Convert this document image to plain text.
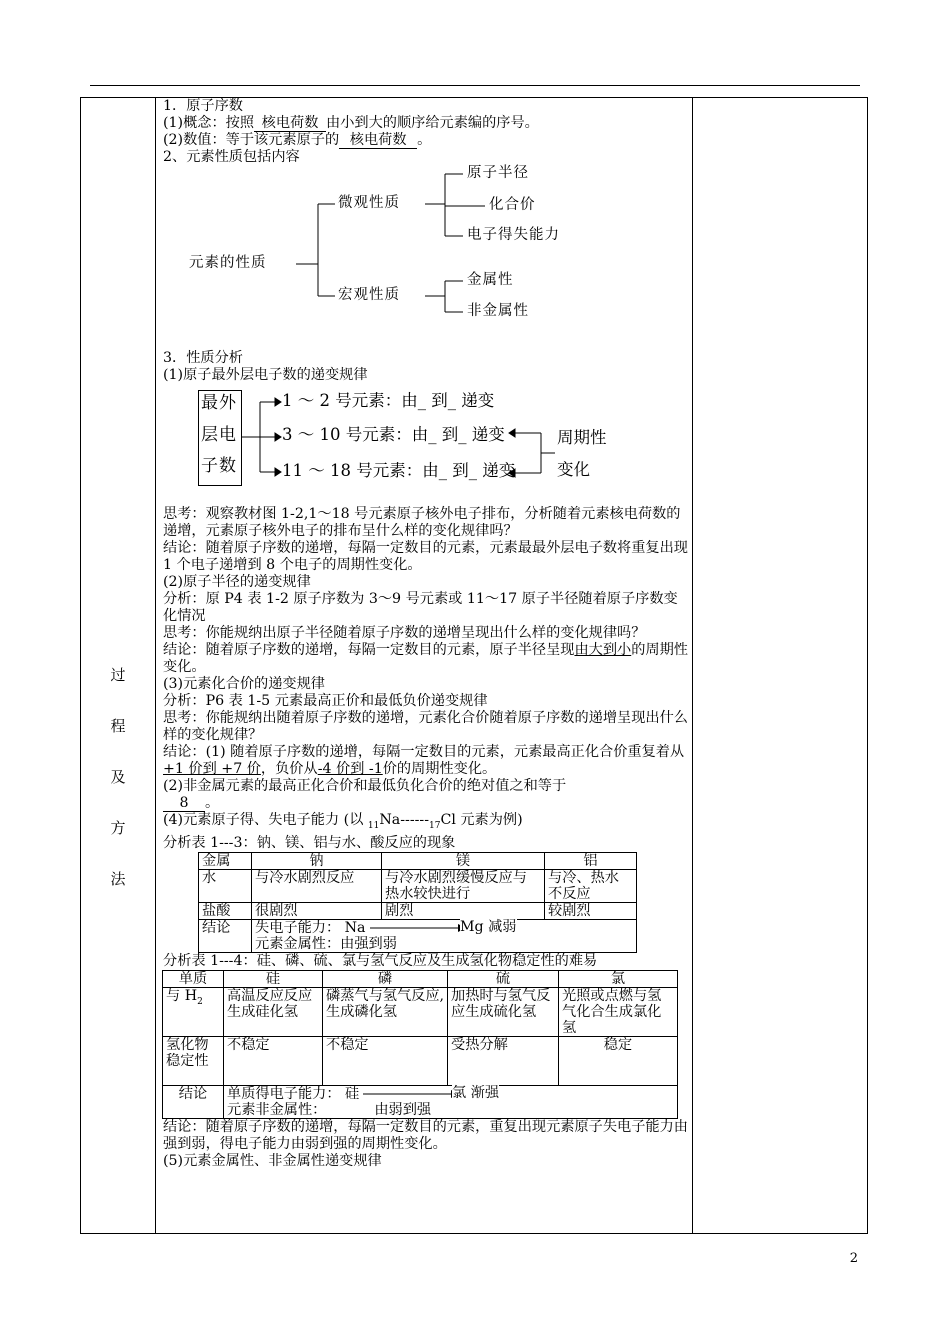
过
程
及
方
法

1．原子序数

(1)概念：按照 核电荷数 由小到大的顺序给元素编的序号。

(2)数值：等于该元素原子的 核电荷数 。

2、元素性质包括内容

元素的性质
微观性质
宏观性质
原子半径
化合价
电子得失能力
金属性
非金属性

3．性质分析

(1)原子最外层电子数的递变规律

最外
层电
子数
1 ～ 2 号元素：由_ 到_ 递变
3 ～ 10 号元素：由_ 到_ 递变
11 ～ 18 号元素：由_ 到_ 递变
周期性
变化

思考：观察教材图 1-2,1～18 号元素原子核外电子排布，分析随着元素核电荷数的递增，元素原子核外电子的排布呈什么样的变化规律吗？

结论：随着原子序数的递增，每隔一定数目的元素，元素最最外层电子数将重复出现 1 个电子递增到 8 个电子的周期性变化。

(2)原子半径的递变规律

分析：原 P4 表 1-2 原子序数为 3～9 号元素或 11～17 原子半径随着原子序数变化情况

思考：你能规纳出原子半径随着原子序数的递增呈现出什么样的变化规律吗？

结论：随着原子序数的递增，每隔一定数目的元素，原子半径呈现由大到小的周期性变化。

(3)元素化合价的递变规律

分析：P6 表 1-5 元素最高正价和最低负价递变规律

思考：你能规纳出随着原子序数的递增，元素化合价随着原子序数的递增呈现出什么样的变化规律？

结论：(1) 随着原子序数的递增，每隔一定数目的元素，元素最高正化合价重复着从+1 价到 +7 价，负价从-4 价到 -1价的周期性变化。

(2)非金属元素的最高正化合价和最低负化合价的绝对值之和等于

8 。

(4)元素原子得、失电子能力 (以 $_{11}Na------_{17}Cl$ 元素为例)

分析表 1---3：钠、镁、铝与水、酸反应的现象

金属	钠	镁	铝
水	与冷水剧烈反应	与冷水剧烈缓慢反应与热水较快进行	与冷、热水不反应
盐酸	很剧烈	剧烈	较剧烈
结论	失电子能力： Na Mg 减弱
元素金属性：由强到弱		

分析表 1---4：硅、磷、硫、氯与氢气反应及生成氢化物稳定性的难易

单质	硅	磷	硫	氯
与 $H_2$	高温反应反应生成硅化氢	磷蒸气与氢气反应,生成磷化氢	加热时与氢气反应生成硫化氢	光照或点燃与氢气化合生成氯化氢
氢化物稳定性	不稳定	不稳定	受热分解	稳定
结论	单质得电子能力： 硅 氯 渐强
元素非金属性： 由弱到强			

结论：随着原子序数的递增，每隔一定数目的元素，重复出现元素原子失电子能力由强到弱，得电子能力由弱到强的周期性变化。

(5)元素金属性、非金属性递变规律

2
